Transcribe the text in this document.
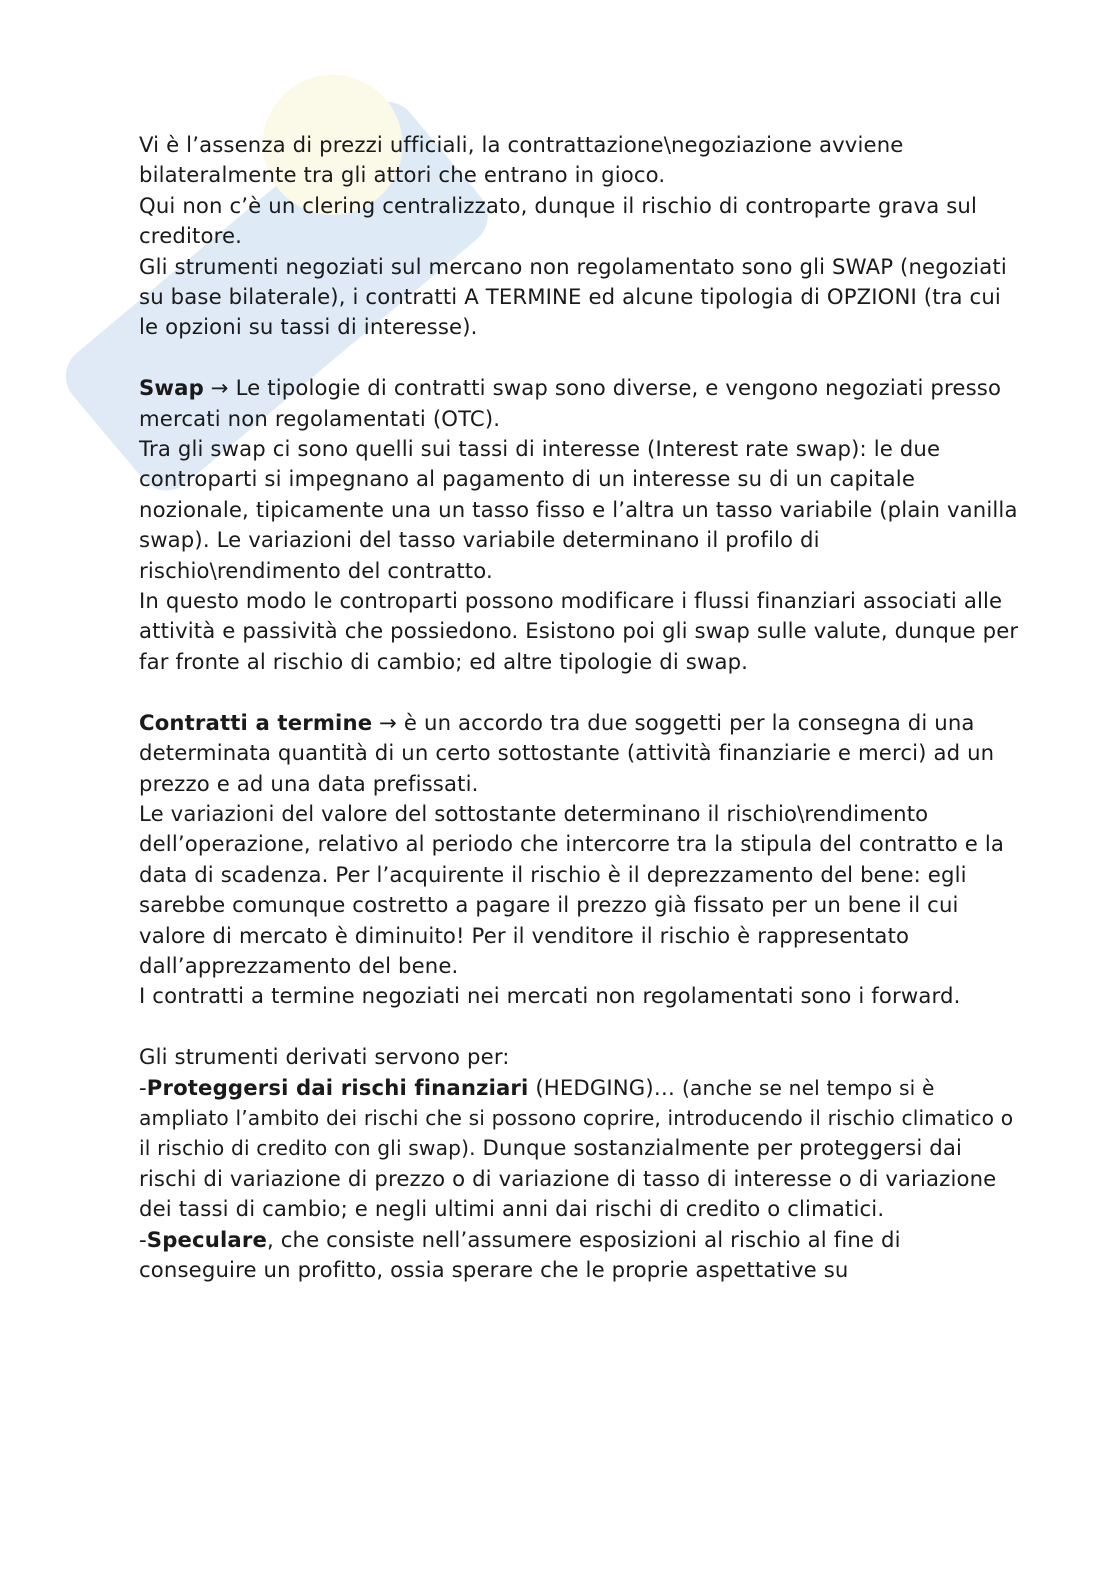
Vi è l’assenza di prezzi ufficiali, la contrattazione\negoziazione avviene bilateralmente tra gli attori che entrano in gioco.

Qui non c’è un clering centralizzato, dunque il rischio di controparte grava sul creditore.

Gli strumenti negoziati sul mercano non regolamentato sono gli SWAP (negoziati su base bilaterale), i contratti A TERMINE ed alcune tipologia di OPZIONI (tra cui le opzioni su tassi di interesse).

Swap → Le tipologie di contratti swap sono diverse, e vengono negoziati presso mercati non regolamentati (OTC).

Tra gli swap ci sono quelli sui tassi di interesse (Interest rate swap): le due controparti si impegnano al pagamento di un interesse su di un capitale nozionale, tipicamente una un tasso fisso e l’altra un tasso variabile (plain vanilla swap). Le variazioni del tasso variabile determinano il profilo di rischio\rendimento del contratto.

In questo modo le controparti possono modificare i flussi finanziari associati alle attività e passività che possiedono. Esistono poi gli swap sulle valute, dunque per far fronte al rischio di cambio; ed altre tipologie di swap.

Contratti a termine → è un accordo tra due soggetti per la consegna di una determinata quantità di un certo sottostante (attività finanziarie e merci) ad un prezzo e ad una data prefissati.

Le variazioni del valore del sottostante determinano il rischio\rendimento dell’operazione, relativo al periodo che intercorre tra la stipula del contratto e la data di scadenza. Per l’acquirente il rischio è il deprezzamento del bene: egli sarebbe comunque costretto a pagare il prezzo già fissato per un bene il cui valore di mercato è diminuito! Per il venditore il rischio è rappresentato dall’apprezzamento del bene.

I contratti a termine negoziati nei mercati non regolamentati sono i forward.

Gli strumenti derivati servono per:

-Proteggersi dai rischi finanziari (HEDGING)… (anche se nel tempo si è ampliato l’ambito dei rischi che si possono coprire, introducendo il rischio climatico o il rischio di credito con gli swap). Dunque sostanzialmente per proteggersi dai rischi di variazione di prezzo o di variazione di tasso di interesse o di variazione dei tassi di cambio; e negli ultimi anni dai rischi di credito o climatici.

-Speculare, che consiste nell’assumere esposizioni al rischio al fine di conseguire un profitto, ossia sperare che le proprie aspettative su
